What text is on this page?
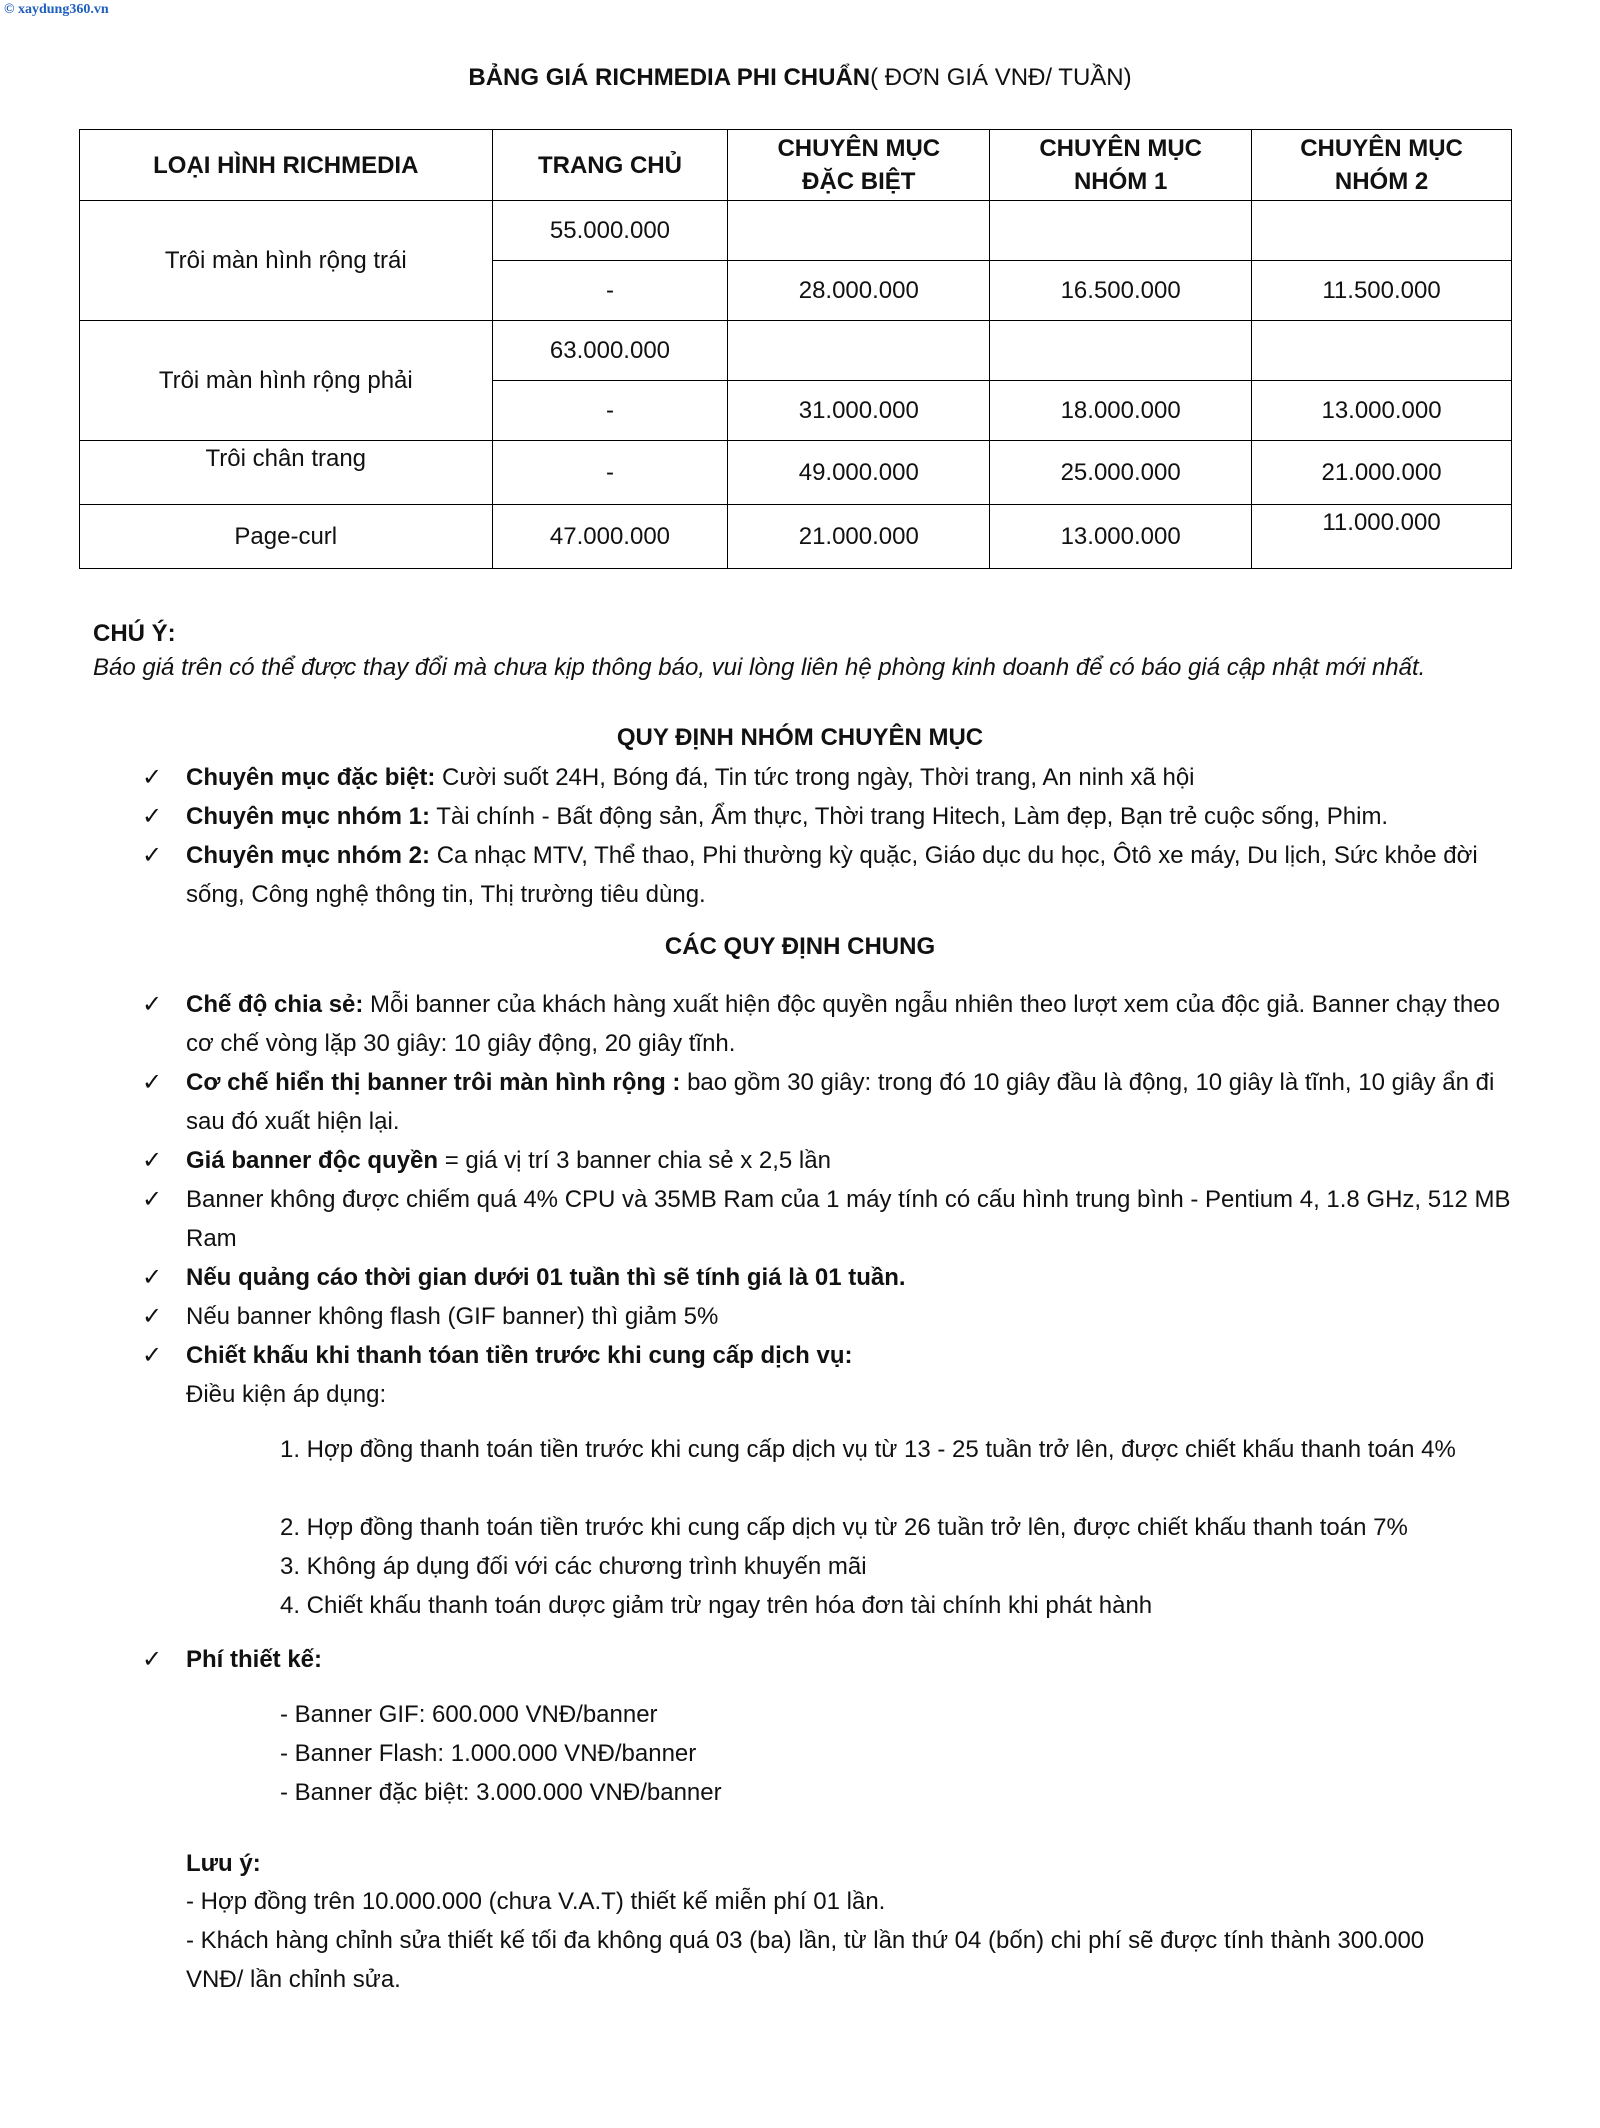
© xaydung360.vn
BẢNG GIÁ RICHMEDIA PHI CHUẨN( ĐƠN GIÁ VNĐ/ TUẦN)
LOẠI HÌNH RICHMEDIA	TRANG CHỦ	CHUYÊN MỤC ĐẶC BIỆT	CHUYÊN MỤC NHÓM 1	CHUYÊN MỤC NHÓM 2
Trôi màn hình rộng trái	55.000.000			
	-	28.000.000	16.500.000	11.500.000
Trôi màn hình rộng phải	63.000.000			
	-	31.000.000	18.000.000	13.000.000
Trôi chân trang	-	49.000.000	25.000.000	21.000.000
Page-curl	47.000.000	21.000.000	13.000.000	11.000.000
CHÚ Ý:
Báo giá trên có thể được thay đổi mà chưa kịp thông báo, vui lòng liên hệ phòng kinh doanh để có báo giá cập nhật mới nhất.
QUY ĐỊNH NHÓM CHUYÊN MỤC
✓ Chuyên mục đặc biệt: Cười suốt 24H, Bóng đá, Tin tức trong ngày, Thời trang, An ninh xã hội
✓ Chuyên mục nhóm 1: Tài chính - Bất động sản, Ẩm thực, Thời trang Hitech, Làm đẹp, Bạn trẻ cuộc sống, Phim.
✓ Chuyên mục nhóm 2: Ca nhạc MTV, Thể thao, Phi thường kỳ quặc, Giáo dục du học, Ôtô xe máy, Du lịch, Sức khỏe đời sống, Công nghệ thông tin, Thị trường tiêu dùng.
CÁC QUY ĐỊNH CHUNG
✓ Chế độ chia sẻ: Mỗi banner của khách hàng xuất hiện độc quyền ngẫu nhiên theo lượt xem của độc giả. Banner chạy theo cơ chế vòng lặp 30 giây: 10 giây động, 20 giây tĩnh.
✓ Cơ chế hiển thị banner trôi màn hình rộng : bao gồm 30 giây: trong đó 10 giây đầu là động, 10 giây là tĩnh, 10 giây ẩn đi sau đó xuất hiện lại.
✓ Giá banner độc quyền = giá vị trí 3 banner chia sẻ x 2,5 lần
✓ Banner không được chiếm quá 4% CPU và 35MB Ram của 1 máy tính có cấu hình trung bình - Pentium 4, 1.8 GHz, 512 MB Ram
✓ Nếu quảng cáo thời gian dưới 01 tuần thì sẽ tính giá là 01 tuần.
✓ Nếu banner không flash (GIF banner) thì giảm 5%
✓ Chiết khấu khi thanh tóan tiền trước khi cung cấp dịch vụ:
Điều kiện áp dụng:
1. Hợp đồng thanh toán tiền trước khi cung cấp dịch vụ từ 13 - 25 tuần trở lên, được chiết khấu thanh toán 4%
2. Hợp đồng thanh toán tiền trước khi cung cấp dịch vụ từ 26 tuần trở lên, được chiết khấu thanh toán 7%
3. Không áp dụng đối với các chương trình khuyến mãi
4. Chiết khấu thanh toán dược giảm trừ ngay trên hóa đơn tài chính khi phát hành
✓ Phí thiết kế:
- Banner GIF: 600.000 VNĐ/banner
- Banner Flash: 1.000.000 VNĐ/banner
- Banner đặc biệt: 3.000.000 VNĐ/banner
Lưu ý:
- Hợp đồng trên 10.000.000 (chưa V.A.T) thiết kế miễn phí 01 lần.
- Khách hàng chỉnh sửa thiết kế tối đa không quá 03 (ba) lần, từ lần thứ 04 (bốn) chi phí sẽ được tính thành 300.000 VNĐ/ lần chỉnh sửa.
